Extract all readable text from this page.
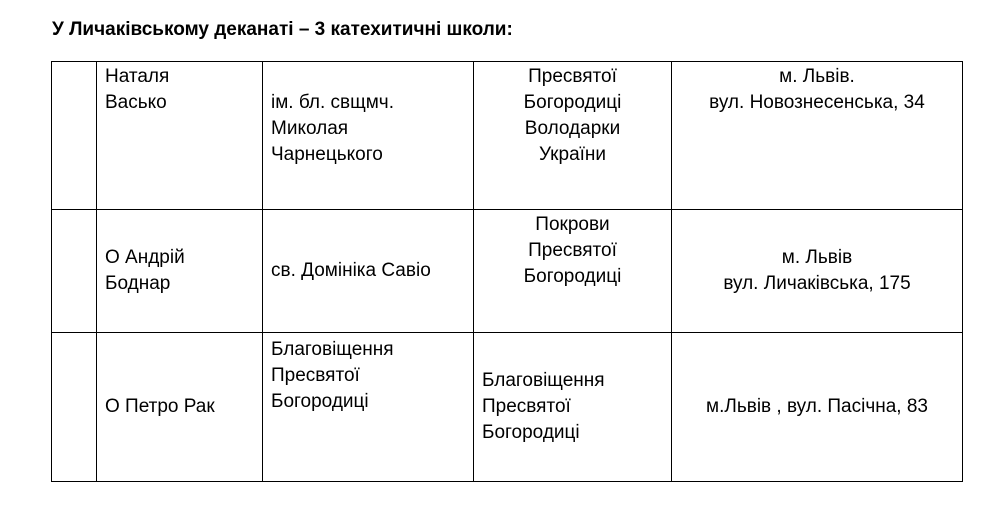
У Личаківському деканаті – 3 катехитичні школи:

	Наталя
Васько	ім. бл. свщмч.
Миколая
Чарнецького	Пресвятої
Богородиці
Володарки
України	м. Львів.
вул. Новознесенська, 34

	О Андрій
Боднар	св. Домініка Савіо	Покрови
Пресвятої
Богородиці	м. Львів
вул. Личаківська, 175

	О Петро Рак	Благовіщення
Пресвятої
Богородиці	Благовіщення
Пресвятої
Богородиці	м.Львів , вул. Пасічна, 83
